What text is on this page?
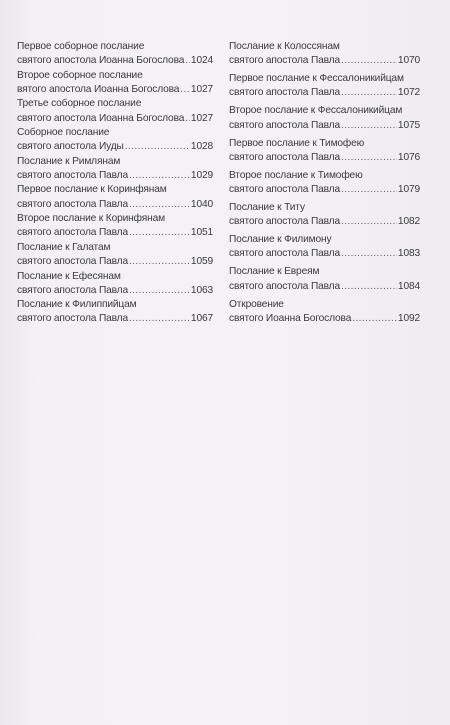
Первое соборное послание
святого апостола Иоанна Богослова ..... 1024
Второе соборное послание
вятого апостола Иоанна Богослова ..... 1027
Третье соборное послание
святого апостола Иоанна Богослова ..... 1027
Соборное послание
святого апостола Иуды .....	1028
Послание к Римлянам
святого апостола Павла .....	1029
Первое послание к Коринфянам
святого апостола Павла .....	1040
Второе послание к Коринфянам
святого апостола Павла .....	1051
Послание к Галатам
святого апостола Павла .....	1059
Послание к Ефесянам
святого апостола Павла .....	1063
Послание к Филиппийцам
святого апостола Павла .....	1067
Послание к Колоссянам
святого апостола Павла .....	1070
Первое послание к Фессалоникийцам
святого апостола Павла .....	1072
Второе послание к Фессалоникийцам
святого апостола Павла .....	1075
Первое послание к Тимофею
святого апостола Павла .....	1076
Второе послание к Тимофею
святого апостола Павла .....	1079
Послание к Титу
святого апостола Павла .....	1082
Послание к Филимону
святого апостола Павла .....	1083
Послание к Евреям
святого апостола Павла .....	1084
Откровение
святого Иоанна Богослова .....	1092
